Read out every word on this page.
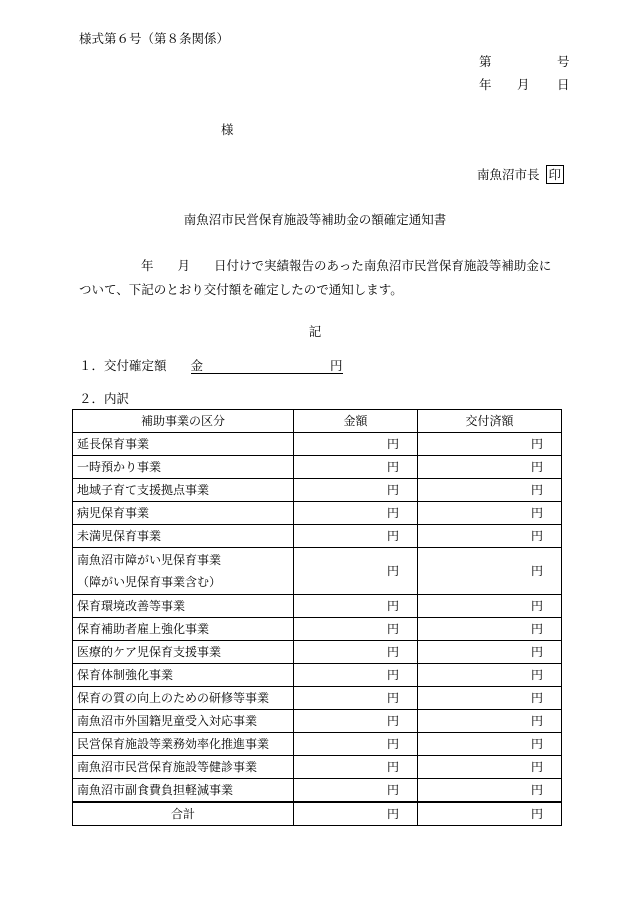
様式第６号（第８条関係）
第	号
年 月 日
様
南魚沼市長 印
南魚沼市民営保育施設等補助金の額確定通知書
年 月 日付けで実績報告のあった南魚沼市民営保育施設等補助金に
ついて、下記のとおり交付額を確定したので通知します。
記
１．交付確定額 金	円
２．内訳
補助事業の区分	金額	交付済額

延長保育事業	円	円

一時預かり事業	円	円

地域子育て支援拠点事業	円	円

病児保育事業	円	円

未満児保育事業	円	円

南魚沼市障がい児保育事業
（障がい児保育事業含む）	円	円

保育環境改善等事業	円	円

保育補助者雇上強化事業	円	円

医療的ケア児保育支援事業	円	円

保育体制強化事業	円	円

保育の質の向上のための研修等事業	円	円

南魚沼市外国籍児童受入対応事業	円	円

民営保育施設等業務効率化推進事業	円	円

南魚沼市民営保育施設等健診事業	円	円

南魚沼市副食費負担軽減事業	円	円
合計	円	円
